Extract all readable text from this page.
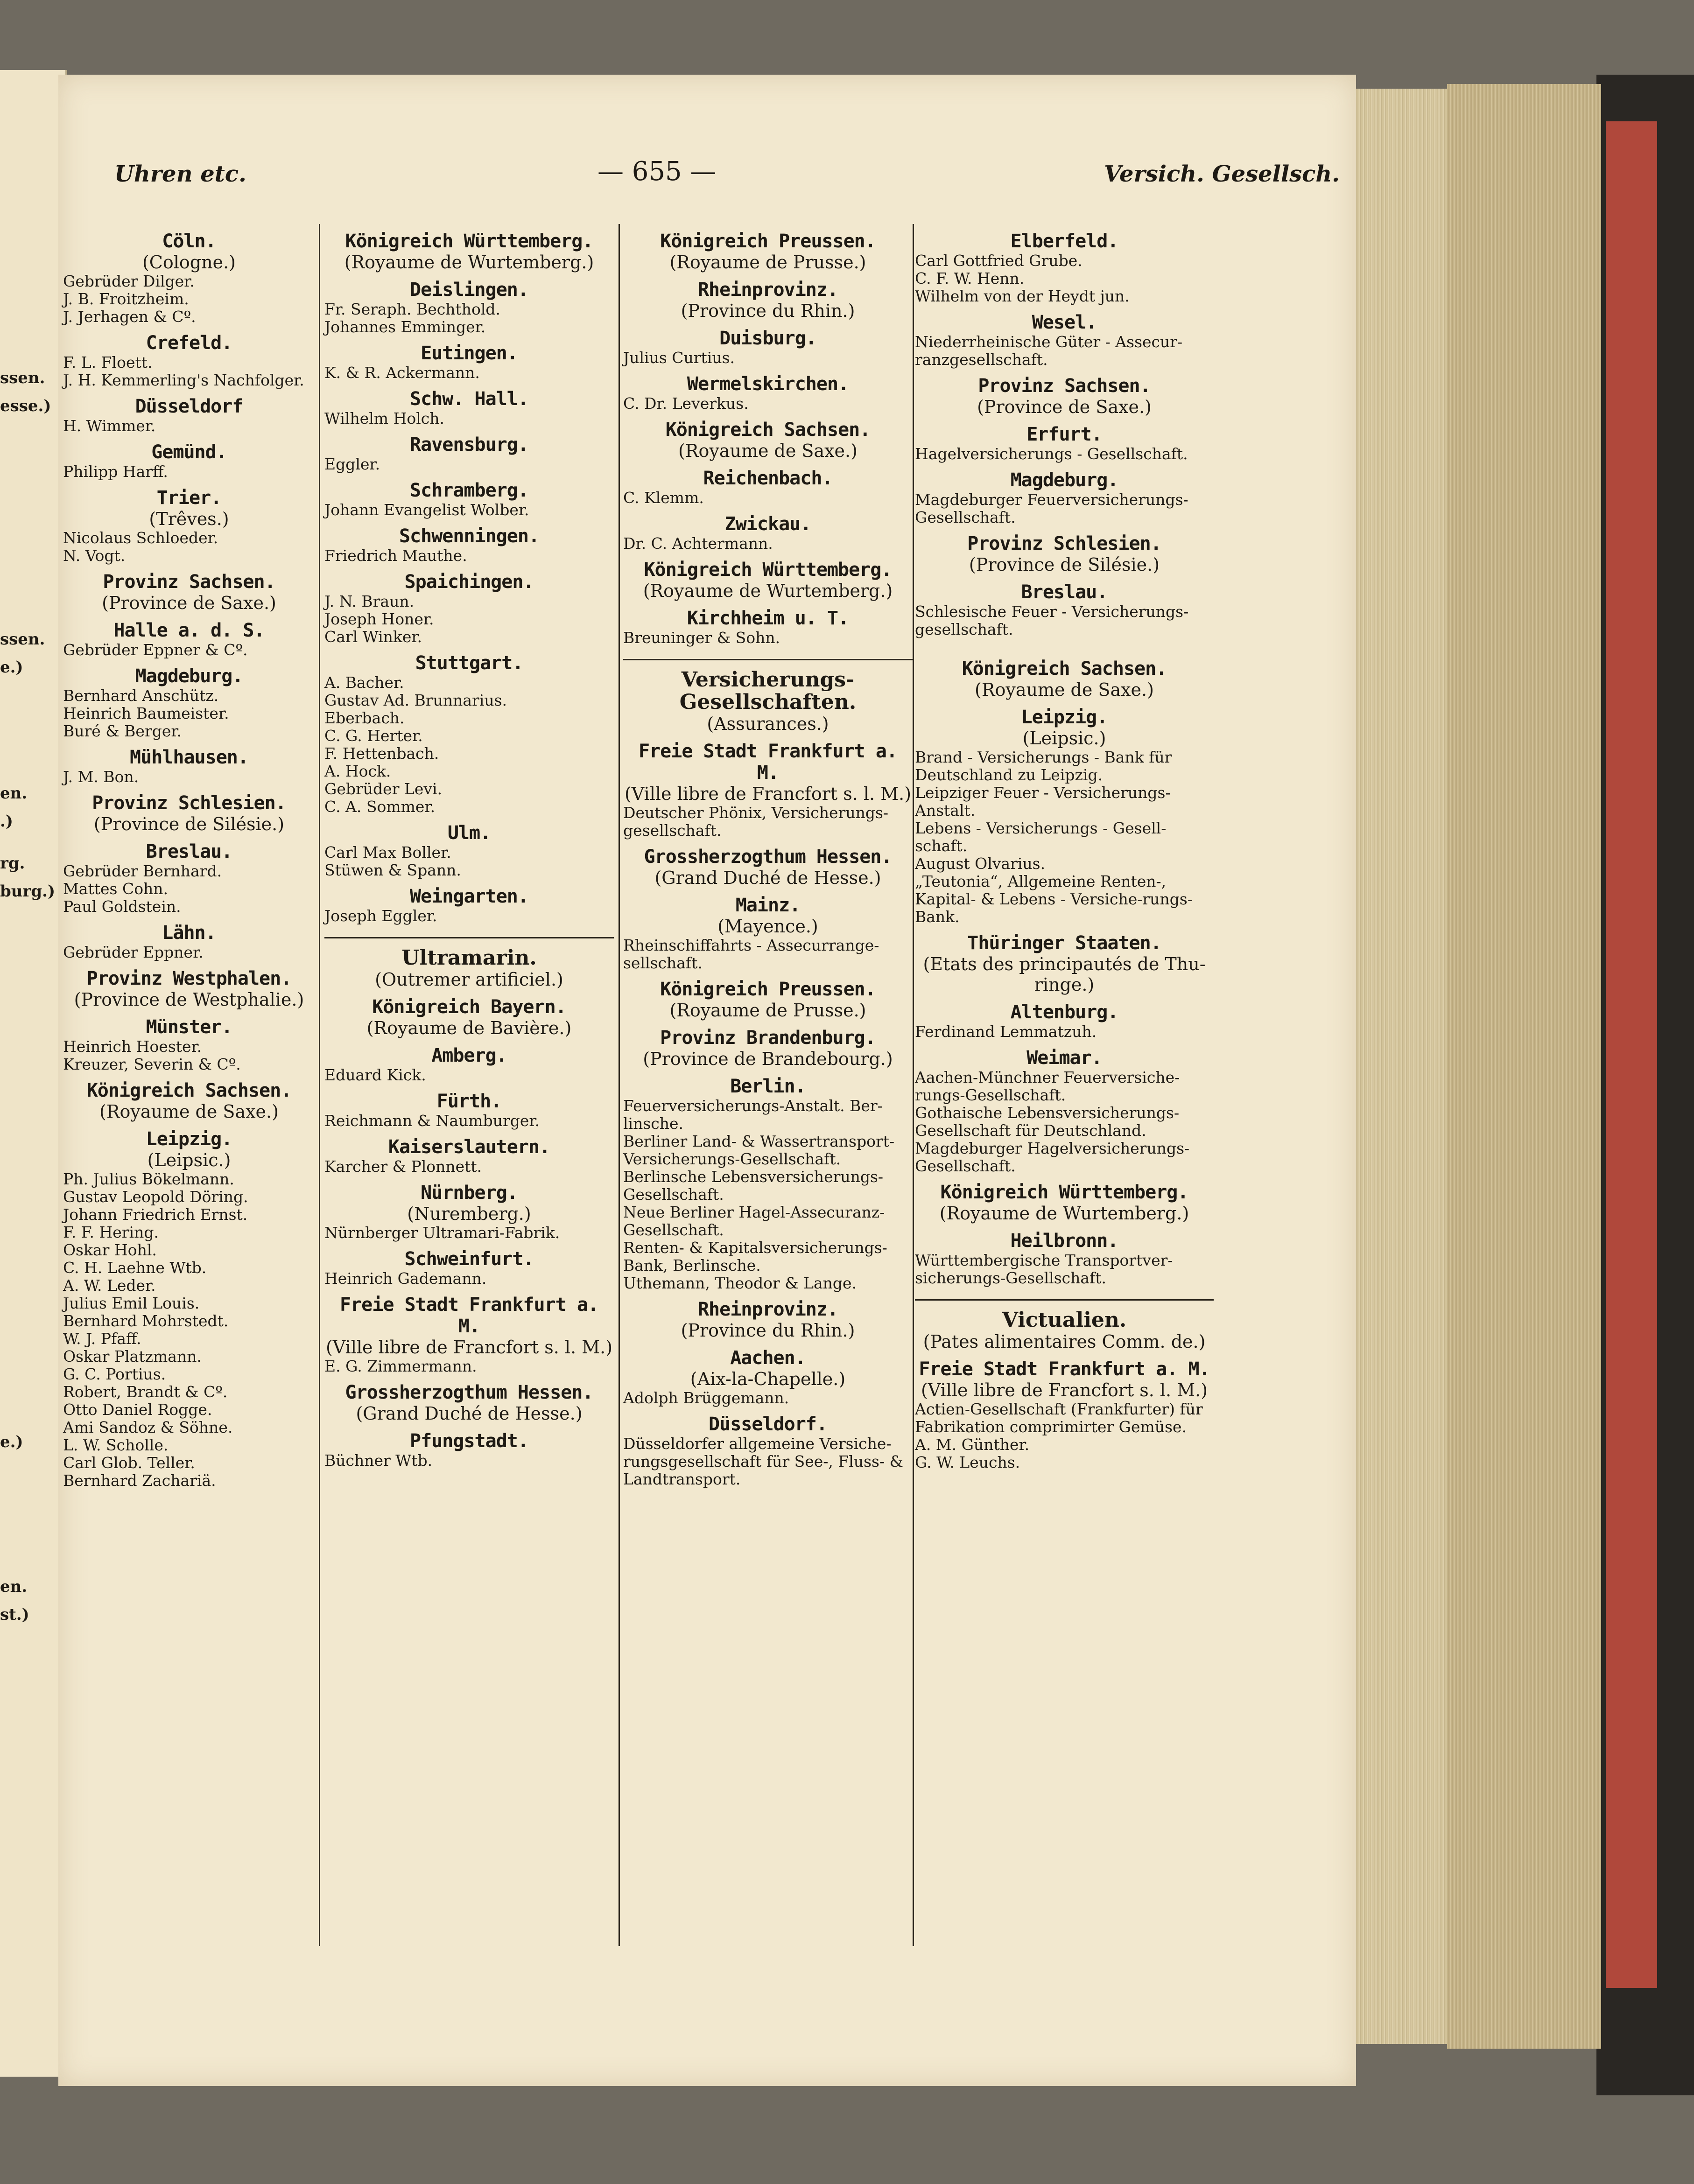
ssen.
esse.)
ssen.
e.)
en.
.)
rg.
burg.)
e.)
en.
st.)
Uhren etc.	— 655 —	Versich. Gesellsch.
Cöln.
(Cologne.)
Gebrüder Dilger.
J. B. Froitzheim.
J. Jerhagen & Cº.
Crefeld.
F. L. Floett.
J. H. Kemmerling's Nachfolger.
Düsseldorf
H. Wimmer.
Gemünd.
Philipp Harff.
Trier.
(Trêves.)
Nicolaus Schloeder.
N. Vogt.
Provinz Sachsen.
(Province de Saxe.)
Halle a. d. S.
Gebrüder Eppner & Cº.
Magdeburg.
Bernhard Anschütz.
Heinrich Baumeister.
Buré & Berger.
Mühlhausen.
J. M. Bon.
Provinz Schlesien.
(Province de Silésie.)
Breslau.
Gebrüder Bernhard.
Mattes Cohn.
Paul Goldstein.
Lähn.
Gebrüder Eppner.
Provinz Westphalen.
(Province de Westphalie.)
Münster.
Heinrich Hoester.
Kreuzer, Severin & Cº.
Königreich Sachsen.
(Royaume de Saxe.)
Leipzig.
(Leipsic.)
Ph. Julius Bökelmann.
Gustav Leopold Döring.
Johann Friedrich Ernst.
F. F. Hering.
Oskar Hohl.
C. H. Laehne Wtb.
A. W. Leder.
Julius Emil Louis.
Bernhard Mohrstedt.
W. J. Pfaff.
Oskar Platzmann.
G. C. Portius.
Robert, Brandt & Cº.
Otto Daniel Rogge.
Ami Sandoz & Söhne.
L. W. Scholle.
Carl Glob. Teller.
Bernhard Zachariä.
Königreich Württemberg.
(Royaume de Wurtemberg.)
Deislingen.
Fr. Seraph. Bechthold.
Johannes Emminger.
Eutingen.
K. & R. Ackermann.
Schw. Hall.
Wilhelm Holch.
Ravensburg.
Eggler.
Schramberg.
Johann Evangelist Wolber.
Schwenningen.
Friedrich Mauthe.
Spaichingen.
J. N. Braun.
Joseph Honer.
Carl Winker.
Stuttgart.
A. Bacher.
Gustav Ad. Brunnarius.
Eberbach.
C. G. Herter.
F. Hettenbach.
A. Hock.
Gebrüder Levi.
C. A. Sommer.
Ulm.
Carl Max Boller.
Stüwen & Spann.
Weingarten.
Joseph Eggler.
Ultramarin.
(Outremer artificiel.)
Königreich Bayern.
(Royaume de Bavière.)
Amberg.
Eduard Kick.
Fürth.
Reichmann & Naumburger.
Kaiserslautern.
Karcher & Plonnett.
Nürnberg.
(Nuremberg.)
Nürnberger Ultramari-Fabrik.
Schweinfurt.
Heinrich Gademann.
Freie Stadt Frankfurt a. M.
(Ville libre de Francfort s. l. M.)
E. G. Zimmermann.
Grossherzogthum Hessen.
(Grand Duché de Hesse.)
Pfungstadt.
Büchner Wtb.
Königreich Preussen.
(Royaume de Prusse.)
Rheinprovinz.
(Province du Rhin.)
Duisburg.
Julius Curtius.
Wermelskirchen.
C. Dr. Leverkus.
Königreich Sachsen.
(Royaume de Saxe.)
Reichenbach.
C. Klemm.
Zwickau.
Dr. C. Achtermann.
Königreich Württemberg.
(Royaume de Wurtemberg.)
Kirchheim u. T.
Breuninger & Sohn.
Versicherungs-Gesellschaften.
(Assurances.)
Freie Stadt Frankfurt a. M.
(Ville libre de Francfort s. l. M.)
Deutscher Phönix, Versicherungs-gesellschaft.
Grossherzogthum Hessen.
(Grand Duché de Hesse.)
Mainz.
(Mayence.)
Rheinschiffahrts - Assecurrange-sellschaft.
Königreich Preussen.
(Royaume de Prusse.)
Provinz Brandenburg.
(Province de Brandebourg.)
Berlin.
Feuerversicherungs-Anstalt. Ber-linsche.
Berliner Land- & Wassertransport-Versicherungs-Gesellschaft.
Berlinsche Lebensversicherungs-Gesellschaft.
Neue Berliner Hagel-Assecuranz-Gesellschaft.
Renten- & Kapitalsversicherungs-Bank, Berlinsche.
Uthemann, Theodor & Lange.
Rheinprovinz.
(Province du Rhin.)
Aachen.
(Aix-la-Chapelle.)
Adolph Brüggemann.
Düsseldorf.
Düsseldorfer allgemeine Versiche-rungsgesellschaft für See-, Fluss- & Landtransport.
Elberfeld.
Carl Gottfried Grube.
C. F. W. Henn.
Wilhelm von der Heydt jun.
Wesel.
Niederrheinische Güter - Assecur-ranzgesellschaft.
Provinz Sachsen.
(Province de Saxe.)
Erfurt.
Hagelversicherungs - Gesellschaft.
Magdeburg.
Magdeburger Feuerversicherungs-Gesellschaft.
Provinz Schlesien.
(Province de Silésie.)
Breslau.
Schlesische Feuer - Versicherungs-gesellschaft.
Königreich Sachsen.
(Royaume de Saxe.)
Leipzig.
(Leipsic.)
Brand - Versicherungs - Bank für Deutschland zu Leipzig.
Leipziger Feuer - Versicherungs-Anstalt.
Lebens - Versicherungs - Gesell-schaft.
August Olvarius.
„Teutonia“, Allgemeine Renten-, Kapital- & Lebens - Versiche-rungs-Bank.
Thüringer Staaten.
(Etats des principautés de Thu-ringe.)
Altenburg.
Ferdinand Lemmatzuh.
Weimar.
Aachen-Münchner Feuerversiche-rungs-Gesellschaft.
Gothaische Lebensversicherungs-Gesellschaft für Deutschland.
Magdeburger Hagelversicherungs-Gesellschaft.
Königreich Württemberg.
(Royaume de Wurtemberg.)
Heilbronn.
Württembergische Transportver-sicherungs-Gesellschaft.
Victualien.
(Pates alimentaires Comm. de.)
Freie Stadt Frankfurt a. M.
(Ville libre de Francfort s. l. M.)
Actien-Gesellschaft (Frankfurter) für Fabrikation comprimirter Gemüse.
A. M. Günther.
G. W. Leuchs.
